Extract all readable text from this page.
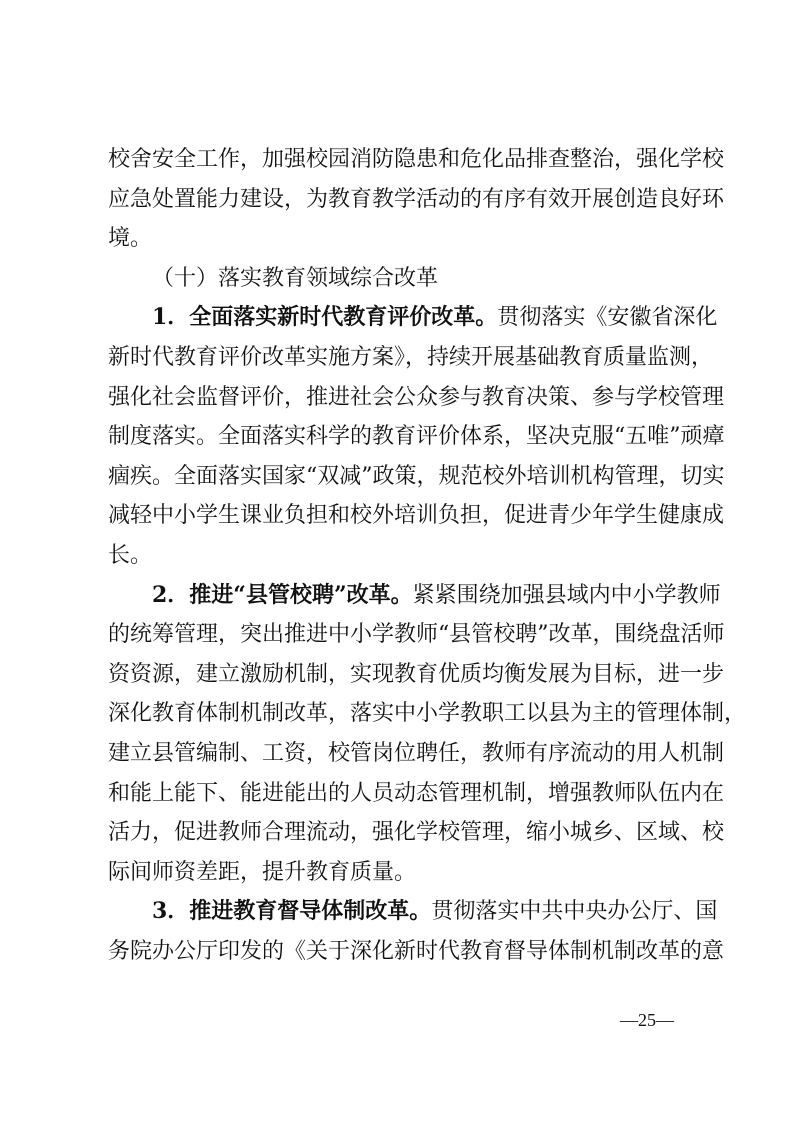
校舍安全工作，加强校园消防隐患和危化品排查整治，强化学校
应急处置能力建设，为教育教学活动的有序有效开展创造良好环
境。
（十）落实教育领域综合改革
1．全面落实新时代教育评价改革。贯彻落实《安徽省深化
新时代教育评价改革实施方案》，持续开展基础教育质量监测，
强化社会监督评价，推进社会公众参与教育决策、参与学校管理
制度落实。全面落实科学的教育评价体系，坚决克服“五唯”顽瘴
痼疾。全面落实国家“双减”政策，规范校外培训机构管理，切实
减轻中小学生课业负担和校外培训负担，促进青少年学生健康成
长。
2．推进“县管校聘”改革。紧紧围绕加强县域内中小学教师
的统筹管理，突出推进中小学教师“县管校聘”改革，围绕盘活师
资资源，建立激励机制，实现教育优质均衡发展为目标，进一步
深化教育体制机制改革，落实中小学教职工以县为主的管理体制，
建立县管编制、工资，校管岗位聘任，教师有序流动的用人机制
和能上能下、能进能出的人员动态管理机制，增强教师队伍内在
活力，促进教师合理流动，强化学校管理，缩小城乡、区域、校
际间师资差距，提升教育质量。
3．推进教育督导体制改革。贯彻落实中共中央办公厅、国
务院办公厅印发的《关于深化新时代教育督导体制机制改革的意
—25—
